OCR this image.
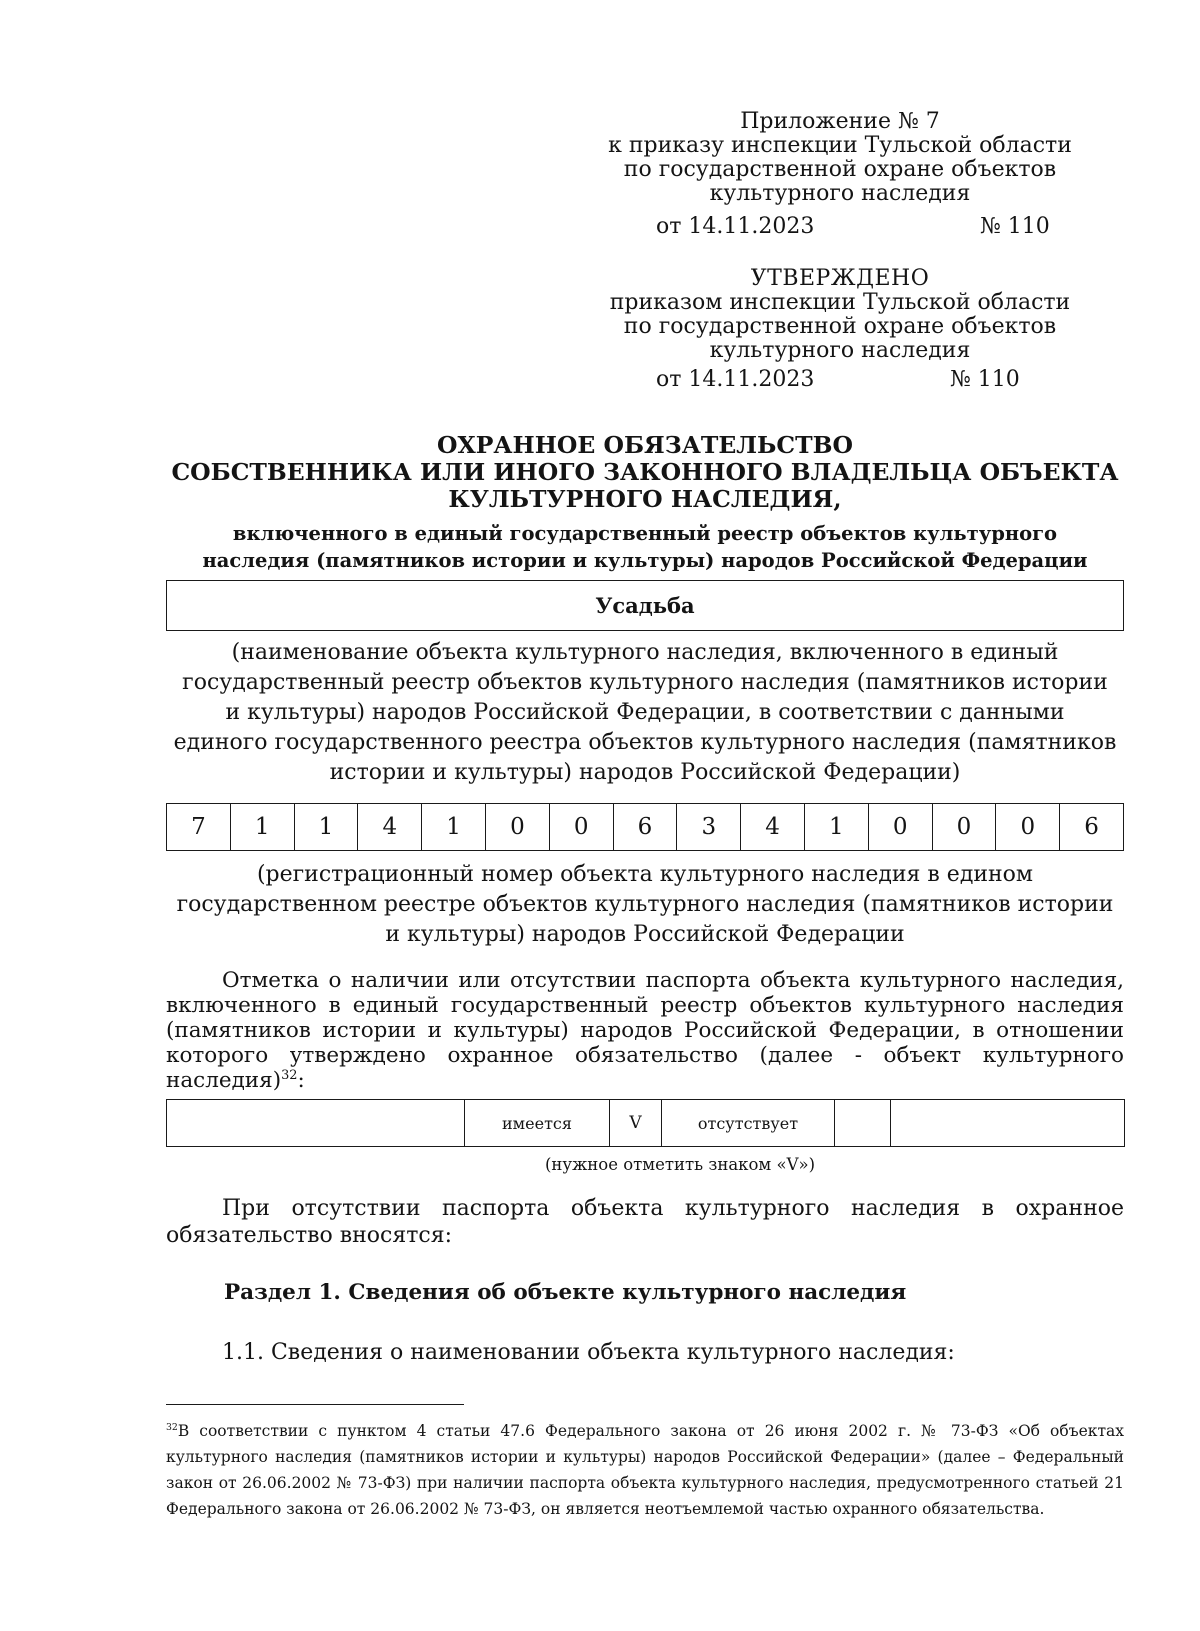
Приложение № 7
к приказу инспекции Тульской области
по государственной охране объектов
культурного наследия
от 14.11.2023	№ 110
УТВЕРЖДЕНО
приказом инспекции Тульской области
по государственной охране объектов
культурного наследия
от 14.11.2023	№ 110
ОХРАННОЕ ОБЯЗАТЕЛЬСТВО
СОБСТВЕННИКА ИЛИ ИНОГО ЗАКОННОГО ВЛАДЕЛЬЦА ОБЪЕКТА
КУЛЬТУРНОГО НАСЛЕДИЯ,
включенного в единый государственный реестр объектов культурного
наследия (памятников истории и культуры) народов Российской Федерации
Усадьба
(наименование объекта культурного наследия, включенного в единый
государственный реестр объектов культурного наследия (памятников истории
и культуры) народов Российской Федерации, в соответствии с данными
единого государственного реестра объектов культурного наследия (памятников
истории и культуры) народов Российской Федерации)
7	1	1	4	1	0	0	6	3	4	1	0	0	0	6
(регистрационный номер объекта культурного наследия в едином
государственном реестре объектов культурного наследия (памятников истории
и культуры) народов Российской Федерации
Отметка о наличии или отсутствии паспорта объекта культурного наследия, включенного в единый государственный реестр объектов культурного наследия (памятников истории и культуры) народов Российской Федерации, в отношении которого утверждено охранное обязательство (далее - объект культурного наследия)$^{32}$:
	имеется	V	отсутствует		
(нужное отметить знаком «V»)
При отсутствии паспорта объекта культурного наследия в охранное обязательство вносятся:
Раздел 1. Сведения об объекте культурного наследия
1.1. Сведения о наименовании объекта культурного наследия:
$^{32}$В соответствии с пунктом 4 статьи 47.6 Федерального закона от 26 июня 2002 г. № 73-ФЗ «Об объектах культурного наследия (памятников истории и культуры) народов Российской Федерации» (далее – Федеральный закон от 26.06.2002 № 73-ФЗ) при наличии паспорта объекта культурного наследия, предусмотренного статьей 21 Федерального закона от 26.06.2002 № 73-ФЗ, он является неотъемлемой частью охранного обязательства.
